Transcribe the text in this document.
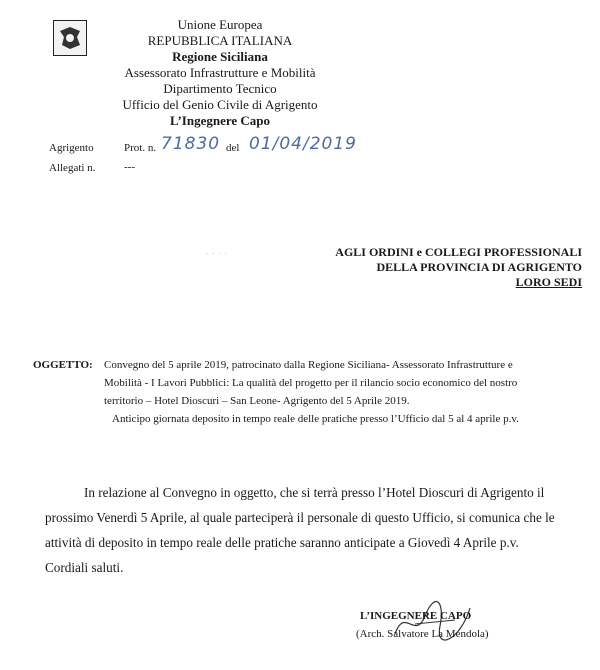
Unione Europea
REPUBBLICA ITALIANA
Regione Siciliana
Assessorato Infrastrutture e Mobilità
Dipartimento Tecnico
Ufficio del Genio Civile di Agrigento
L’Ingegnere Capo
Agrigento	Prot. n. 71830 del 01/04/2019
Allegati n.	---
· · · ·	AGLI ORDINI e COLLEGI PROFESSIONALI
DELLA PROVINCIA DI AGRIGENTO
LORO SEDI
OGGETTO: Convegno del 5 aprile 2019, patrocinato dalla Regione Siciliana- Assessorato Infrastrutture e
Mobilità - I Lavori Pubblici: La qualità del progetto per il rilancio socio economico del nostro
territorio – Hotel Dioscuri – San Leone- Agrigento del 5 Aprile 2019.
Anticipo giornata deposito in tempo reale delle pratiche presso l’Ufficio dal 5 al 4 aprile p.v.
In relazione al Convegno in oggetto, che si terrà presso l’Hotel Dioscuri di Agrigento il
prossimo Venerdì 5 Aprile, al quale parteciperà il personale di questo Ufficio, si comunica che le
attività di deposito in tempo reale delle pratiche saranno anticipate a Giovedì 4 Aprile p.v.
Cordiali saluti.
L’INGEGNERE CAPO
(Arch. Salvatore La Mendola)
